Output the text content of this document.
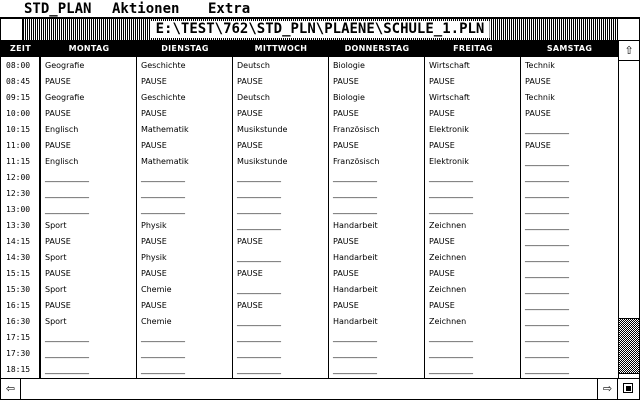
STD_PLAN Aktionen Extra
E:\TEST\762\STD_PLN\PLAENE\SCHULE_1.PLN
ZEIT	MONTAG	DIENSTAG	MITTWOCH	DONNERSTAG	FREITAG	SAMSTAG
08:00	Geografie	Geschichte	Deutsch	Biologie	Wirtschaft	Technik
08:45	PAUSE	PAUSE	PAUSE	PAUSE	PAUSE	PAUSE
09:15	Geografie	Geschichte	Deutsch	Biologie	Wirtschaft	Technik
10:00	PAUSE	PAUSE	PAUSE	PAUSE	PAUSE	PAUSE
10:15	Englisch	Mathematik	Musikstunde	Französisch	Elektronik	___________
11:00	PAUSE	PAUSE	PAUSE	PAUSE	PAUSE	PAUSE
11:15	Englisch	Mathematik	Musikstunde	Französisch	Elektronik	___________
12:00	___________	___________	___________	___________	___________	___________
12:30	___________	___________	___________	___________	___________	___________
13:00	___________	___________	___________	___________	___________	___________
13:30	Sport	Physik	___________	Handarbeit	Zeichnen	___________
14:15	PAUSE	PAUSE	PAUSE	PAUSE	PAUSE	___________
14:30	Sport	Physik	___________	Handarbeit	Zeichnen	___________
15:15	PAUSE	PAUSE	PAUSE	PAUSE	PAUSE	___________
15:30	Sport	Chemie	___________	Handarbeit	Zeichnen	___________
16:15	PAUSE	PAUSE	PAUSE	PAUSE	PAUSE	___________
16:30	Sport	Chemie	___________	Handarbeit	Zeichnen	___________
17:15	___________	___________	___________	___________	___________	___________
17:30	___________	___________	___________	___________	___________	___________
18:15	___________	___________	___________	___________	___________	___________
⇧
⇦	⇨
